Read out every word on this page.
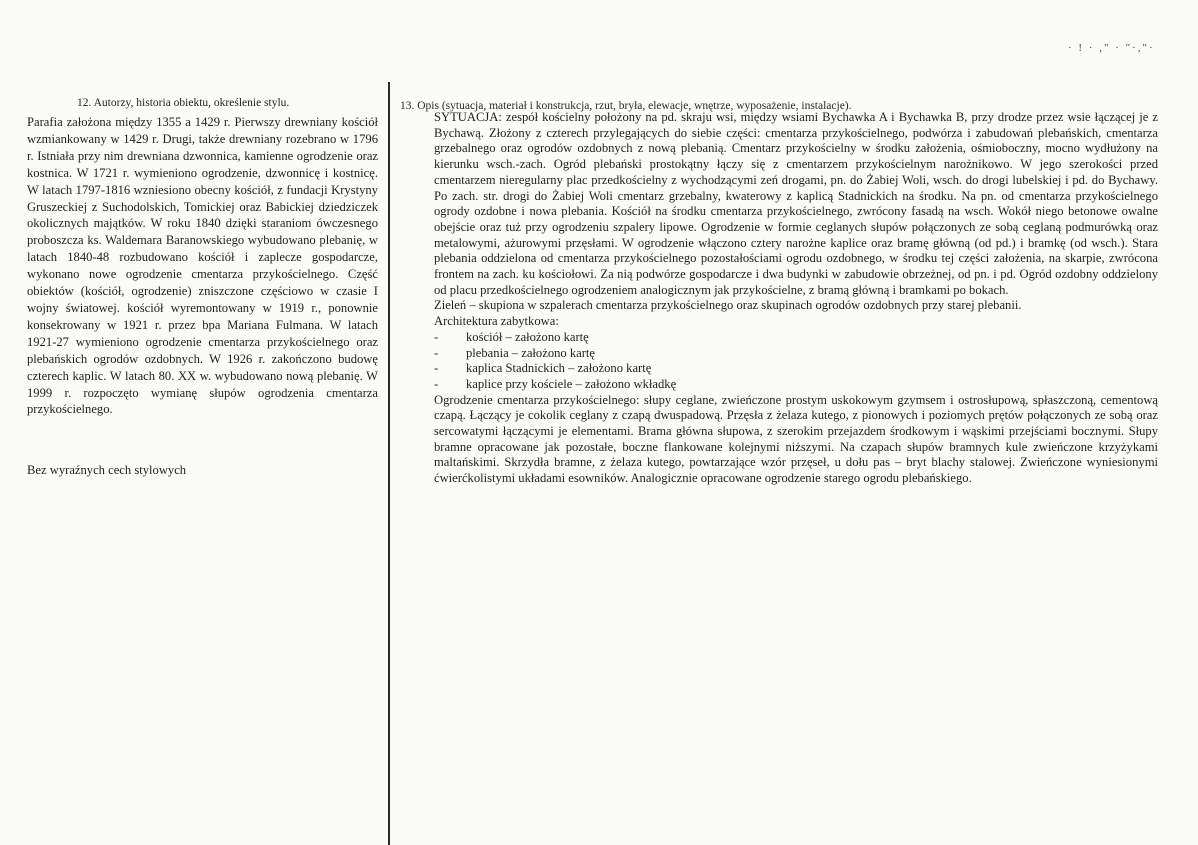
· ! · ," · "·,"·

12. Autorzy, historia obiektu, określenie stylu.

Parafia założona między 1355 a 1429 r. Pierwszy drewniany kościół wzmiankowany w 1429 r. Drugi, także drewniany rozebrano w 1796 r. Istniała przy nim drewniana dzwonnica, kamienne ogrodzenie oraz kostnica. W 1721 r. wymieniono ogrodzenie, dzwonnicę i kostnicę. W latach 1797-1816 wzniesiono obecny kościół, z fundacji Krystyny Gruszeckiej z Suchodolskich, Tomickiej oraz Babickiej dziedziczek okolicznych majątków. W roku 1840 dzięki staraniom ówczesnego proboszcza ks. Waldemara Baranowskiego wybudowano plebanię, w latach 1840-48 rozbudowano kościół i zaplecze gospodarcze, wykonano nowe ogrodzenie cmentarza przykościelnego. Część obiektów (kościół, ogrodzenie) zniszczone częściowo w czasie I wojny światowej. kościół wyremontowany w 1919 r., ponownie konsekrowany w 1921 r. przez bpa Mariana Fulmana. W latach 1921-27 wymieniono ogrodzenie cmentarza przykościelnego oraz plebańskich ogrodów ozdobnych. W 1926 r. zakończono budowę czterech kaplic. W latach 80. XX w. wybudowano nową plebanię. W 1999 r. rozpoczęto wymianę słupów ogrodzenia cmentarza przykościelnego.

Bez wyraźnych cech stylowych

13. Opis (sytuacja, materiał i konstrukcja, rzut, bryła, elewacje, wnętrze, wyposażenie, instalacje).

SYTUACJA: zespół kościelny położony na pd. skraju wsi, między wsiami Bychawka A i Bychawka B, przy drodze przez wsie łączącej je z Bychawą. Złożony z czterech przylegających do siebie części: cmentarza przykościelnego, podwórza i zabudowań plebańskich, cmentarza grzebalnego oraz ogrodów ozdobnych z nową plebanią. Cmentarz przykościelny w środku założenia, ośmioboczny, mocno wydłużony na kierunku wsch.-zach. Ogród plebański prostokątny łączy się z cmentarzem przykościelnym narożnikowo. W jego szerokości przed cmentarzem nieregularny plac przedkościelny z wychodzącymi zeń drogami, pn. do Żabiej Woli, wsch. do drogi lubelskiej i pd. do Bychawy. Po zach. str. drogi do Żabiej Woli cmentarz grzebalny, kwaterowy z kaplicą Stadnickich na środku. Na pn. od cmentarza przykościelnego ogrody ozdobne i nowa plebania. Kościół na środku cmentarza przykościelnego, zwrócony fasadą na wsch. Wokół niego betonowe owalne obejście oraz tuż przy ogrodzeniu szpalery lipowe. Ogrodzenie w formie ceglanych słupów połączonych ze sobą ceglaną podmurówką oraz metalowymi, ażurowymi przęsłami. W ogrodzenie włączono cztery narożne kaplice oraz bramę główną (od pd.) i bramkę (od wsch.). Stara plebania oddzielona od cmentarza przykościelnego pozostałościami ogrodu ozdobnego, w środku tej części założenia, na skarpie, zwrócona frontem na zach. ku kościołowi. Za nią podwórze gospodarcze i dwa budynki w zabudowie obrzeżnej, od pn. i pd. Ogród ozdobny oddzielony od placu przedkościelnego ogrodzeniem analogicznym jak przykościelne, z bramą główną i bramkami po bokach.

Zieleń – skupiona w szpalerach cmentarza przykościelnego oraz skupinach ogrodów ozdobnych przy starej plebanii.

Architektura zabytkowa:

-	kościół – założono kartę
-	plebania – założono kartę
-	kaplica Stadnickich – założono kartę
-	kaplice przy kościele – założono wkładkę

Ogrodzenie cmentarza przykościelnego: słupy ceglane, zwieńczone prostym uskokowym gzymsem i ostrosłupową, spłaszczoną, cementową czapą. Łączący je cokolik ceglany z czapą dwuspadową. Przęsła z żelaza kutego, z pionowych i poziomych prętów połączonych ze sobą oraz sercowatymi łączącymi je elementami. Brama główna słupowa, z szerokim przejazdem środkowym i wąskimi przejściami bocznymi. Słupy bramne opracowane jak pozostałe, boczne flankowane kolejnymi niższymi. Na czapach słupów bramnych kule zwieńczone krzyżykami maltańskimi. Skrzydła bramne, z żelaza kutego, powtarzające wzór przęseł, u dołu pas – bryt blachy stalowej. Zwieńczone wyniesionymi ćwierćkolistymi układami esowników. Analogicznie opracowane ogrodzenie starego ogrodu plebańskiego.
